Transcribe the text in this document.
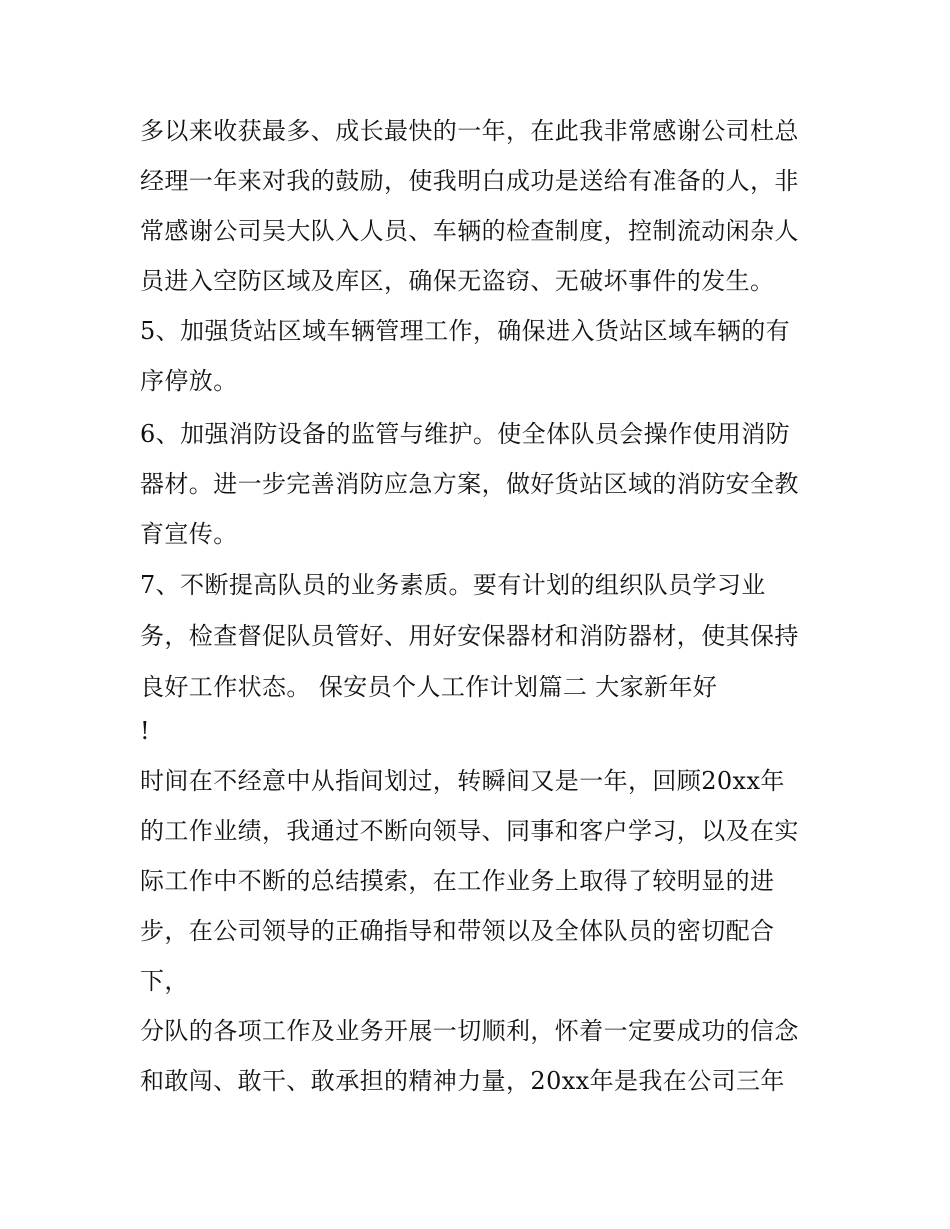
多以来收获最多、成长最快的一年，在此我非常感谢公司杜总
经理一年来对我的鼓励，使我明白成功是送给有准备的人，非
常感谢公司吴大队入人员、车辆的检查制度，控制流动闲杂人
员进入空防区域及库区，确保无盗窃、无破坏事件的发生。
5、加强货站区域车辆管理工作，确保进入货站区域车辆的有
序停放。
6、加强消防设备的监管与维护。使全体队员会操作使用消防
器材。进一步完善消防应急方案，做好货站区域的消防安全教
育宣传。
7、不断提高队员的业务素质。要有计划的组织队员学习业
务，检查督促队员管好、用好安保器材和消防器材，使其保持
良好工作状态。 保安员个人工作计划篇二 大家新年好
!
时间在不经意中从指间划过，转瞬间又是一年，回顾20xx年
的工作业绩，我通过不断向领导、同事和客户学习，以及在实
际工作中不断的总结摸索，在工作业务上取得了较明显的进
步，在公司领导的正确指导和带领以及全体队员的密切配合
下，
分队的各项工作及业务开展一切顺利，怀着一定要成功的信念
和敢闯、敢干、敢承担的精神力量，20xx年是我在公司三年
